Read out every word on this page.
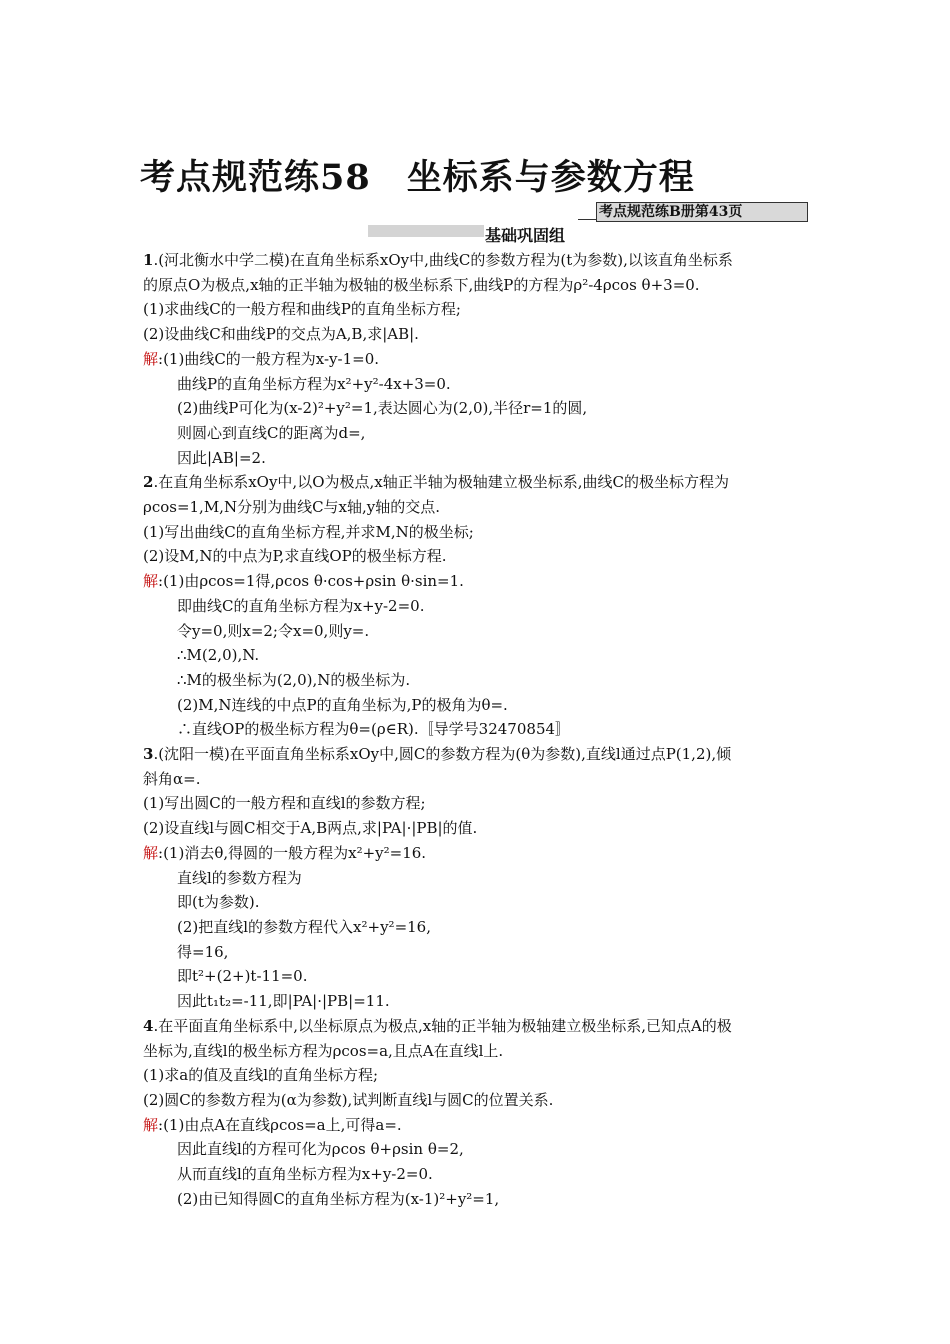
考点规范练58　坐标系与参数方程
考点规范练B册第43页
基础巩固组

1.(河北衡水中学二模)在直角坐标系xOy中,曲线C的参数方程为(t为参数),以该直角坐标系

的原点O为极点,x轴的正半轴为极轴的极坐标系下,曲线P的方程为ρ²-4ρcos θ+3=0.

(1)求曲线C的一般方程和曲线P的直角坐标方程;

(2)设曲线C和曲线P的交点为A,B,求|AB|.

解:(1)曲线C的一般方程为x-y-1=0.

曲线P的直角坐标方程为x²+y²-4x+3=0.

(2)曲线P可化为(x-2)²+y²=1,表达圆心为(2,0),半径r=1的圆,

则圆心到直线C的距离为d=,

因此|AB|=2.

2.在直角坐标系xOy中,以O为极点,x轴正半轴为极轴建立极坐标系,曲线C的极坐标方程为

ρcos=1,M,N分别为曲线C与x轴,y轴的交点.

(1)写出曲线C的直角坐标方程,并求M,N的极坐标;

(2)设M,N的中点为P,求直线OP的极坐标方程.

解:(1)由ρcos=1得,ρcos θ·cos+ρsin θ·sin=1.

即曲线C的直角坐标方程为x+y-2=0.

令y=0,则x=2;令x=0,则y=.

∴M(2,0),N.

∴M的极坐标为(2,0),N的极坐标为.

(2)M,N连线的中点P的直角坐标为,P的极角为θ=.

∴直线OP的极坐标方程为θ=(ρ∈R).〚导学号32470854〛

3.(沈阳一模)在平面直角坐标系xOy中,圆C的参数方程为(θ为参数),直线l通过点P(1,2),倾

斜角α=.

(1)写出圆C的一般方程和直线l的参数方程;

(2)设直线l与圆C相交于A,B两点,求|PA|·|PB|的值.

解:(1)消去θ,得圆的一般方程为x²+y²=16.

直线l的参数方程为

即(t为参数).

(2)把直线l的参数方程代入x²+y²=16,

得=16,

即t²+(2+)t-11=0.

因此t₁t₂=-11,即|PA|·|PB|=11.

4.在平面直角坐标系中,以坐标原点为极点,x轴的正半轴为极轴建立极坐标系,已知点A的极

坐标为,直线l的极坐标方程为ρcos=a,且点A在直线l上.

(1)求a的值及直线l的直角坐标方程;

(2)圆C的参数方程为(α为参数),试判断直线l与圆C的位置关系.

解:(1)由点A在直线ρcos=a上,可得a=.

因此直线l的方程可化为ρcos θ+ρsin θ=2,

从而直线l的直角坐标方程为x+y-2=0.

(2)由已知得圆C的直角坐标方程为(x-1)²+y²=1,
